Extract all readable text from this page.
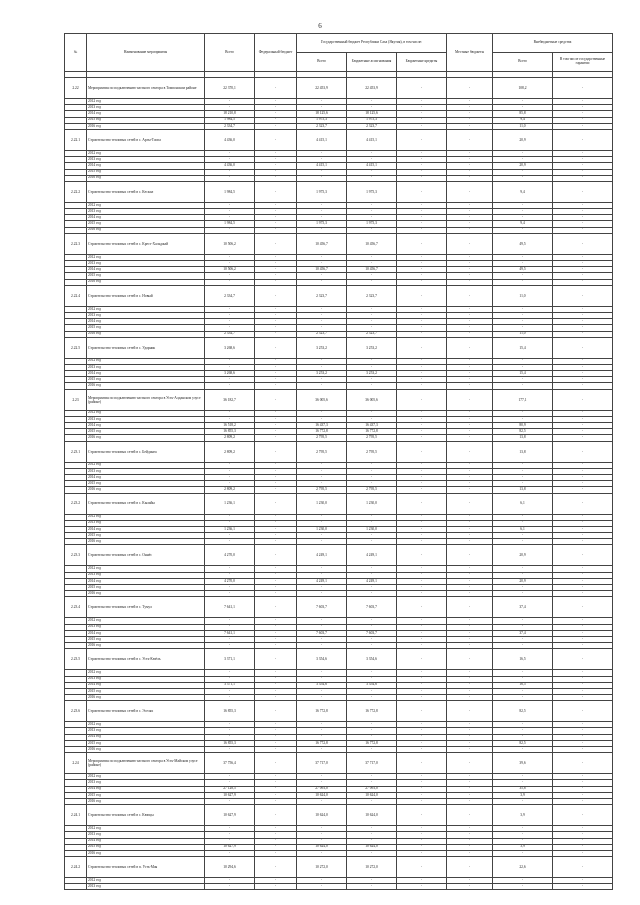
6
№	Наименование мероприятия	Всего	Федеральный бюджет	Государственный бюджет Республики Саха (Якутия), в том числе:			Местные бюджеты	Внебюджетные средства	
				Всего	Бюджетные ассигнования	Бюджетные кредиты		Всего	В том числе государственные гарантии

2.22	Мероприятия по подключению частного сектора в Томпонском районе	22 370,1	-	22 453,9	22 453,9	-	-	108,2	-
	2012 год	-	-	-	-	-	-	-	-
	2013 год	-	-	-	-	-	-	-	-
	2014 год	18 210,8	-	18 125,6	18 125,6	-	-	85,8	-
	2015 год	1 984,5	-	1 975,3	1 975,3	-	-	9,4	-
	2016 год	2 334,7	-	2 323,7	2 323,7	-	-	11,0	-
2.22.1	Строительство тепловых сетей в с. Аргы-Тоопа	4 436,0	-	4 415,1	4 415,1	-	-	20,9	-
	2012 год	-	-	-	-	-	-	-	-
	2013 год	-	-	-	-	-	-	-	-
	2014 год	4 436,0	-	4 415,1	4 415,1	-	-	20,9	-
	2015 год	-	-	-	-	-	-	-	-
	2016 год	-	-	-	-	-	-	-	-
2.22.2	Строительство тепловых сетей в с. Кескил	1 984,5	-	1 975,3	1 975,3	-	-	9,4	-
	2012 год	-	-	-	-	-	-	-	-
	2013 год	-	-	-	-	-	-	-	-
	2014 год	-	-	-	-	-	-	-	-
	2015 год	1 984,5	-	1 975,3	1 975,3	-	-	9,4	-
	2016 год	-	-	-	-	-	-	-	-
2.22.3	Строительство тепловых сетей в с. Крест-Хальджай	10 506,2	-	10 456,7	10 456,7	-	-	49,5	-
	2012 год	-	-	-	-	-	-	-	-
	2013 год	-	-	-	-	-	-	-	-
	2014 год	10 506,2	-	10 456,7	10 456,7	-	-	49,5	-
	2015 год	-	-	-	-	-	-	-	-
	2016 год	-	-	-	-	-	-	-	-
2.22.4	Строительство тепловых сетей в с. Новый	2 334,7	-	2 323,7	2 323,7	-	-	11,0	-
	2012 год	-	-	-	-	-	-	-	-
	2013 год	-	-	-	-	-	-	-	-
	2014 год	-	-	-	-	-	-	-	-
	2015 год	-	-	-	-	-	-	-	-
	2016 год	2 334,7	-	2 323,7	2 323,7	-	-	11,0	-
2.22.5	Строительство тепловых сетей в с. Ударник	3 268,6	-	3 253,2	3 253,2	-	-	15,4	-
	2012 год	-	-	-	-	-	-	-	-
	2013 год	-	-	-	-	-	-	-	-
	2014 год	3 268,6	-	3 253,2	3 253,2	-	-	15,4	-
	2015 год	-	-	-	-	-	-	-	-
	2016 год	-	-	-	-	-	-	-	-
2.23	Мероприятия по подключению частного сектора в Усть-Алданском улусе (районе)	36 182,7	-	36 005,6	36 005,6	-	-	177,1	-
	2012 год	-	-	-	-	-	-	-	-
	2013 год	-	-	-	-	-	-	-	-
	2014 год	16 518,2	-	16 437,3	16 437,3	-	-	80,9	-
	2015 год	16 855,3	-	16 772,8	16 772,8	-	-	82,5	-
	2016 год	2 809,2	-	2 795,5	2 795,5	-	-	13,8	-
2.23.1	Строительство тепловых сетей в с. Бейдинга	2 809,2	-	2 795,5	2 795,5	-	-	13,8	-
	2012 год	-	-	-	-	-	-	-	-
	2013 год	-	-	-	-	-	-	-	-
	2014 год	-	-	-	-	-	-	-	-
	2015 год	-	-	-	-	-	-	-	-
	2016 год	2 809,2	-	2 795,5	2 795,5	-	-	13,8	-
2.23.2	Строительство тепловых сетей в с. Кылайы	1 236,1	-	1 230,0	1 230,0	-	-	6,1	-
	2012 год	-	-	-	-	-	-	-	-
	2013 год	-	-	-	-	-	-	-	-
	2014 год	1 236,1	-	1 230,0	1 230,0	-	-	6,1	-
	2015 год	-	-	-	-	-	-	-	-
	2016 год	-	-	-	-	-	-	-	-
2.23.3	Строительство тепловых сетей в с. Оннёс	4 270,0	-	4 249,1	4 249,1	-	-	20,9	-
	2012 год	-	-	-	-	-	-	-	-
	2013 год	-	-	-	-	-	-	-	-
	2014 год	4 270,0	-	4 249,1	4 249,1	-	-	20,9	-
	2015 год	-	-	-	-	-	-	-	-
	2016 год	-	-	-	-	-	-	-	-
2.23.4	Строительство тепловых сетей в с. Тумул	7 641,1	-	7 603,7	7 603,7	-	-	37,4	-
	2012 год	-	-	-	-	-	-	-	-
	2013 год	-	-	-	-	-	-	-	-
	2014 год	7 641,1	-	7 603,7	7 603,7	-	-	37,4	-
	2015 год	-	-	-	-	-	-	-	-
	2016 год	-	-	-	-	-	-	-	-
2.23.5	Строительство тепловых сетей в с. Усть-Кюёль	3 371,1	-	3 354,6	3 354,6	-	-	16,5	-
	2012 год	-	-	-	-	-	-	-	-
	2013 год	-	-	-	-	-	-	-	-
	2014 год	3 371,1	-	3 354,6	3 354,6	-	-	16,5	-
	2015 год	-	-	-	-	-	-	-	-
	2016 год	-	-	-	-	-	-	-	-
2.23.6	Строительство тепловых сетей в с. Эселях	16 855,3	-	16 772,8	16 772,8	-	-	82,5	-
	2012 год	-	-	-	-	-	-	-	-
	2013 год	-	-	-	-	-	-	-	-
	2014 год	-	-	-	-	-	-	-	-
	2015 год	16 855,3	-	16 772,8	16 772,8	-	-	82,5	-
	2016 год	-	-	-	-	-	-	-	-
2.24	Мероприятия по подключению частного сектора в Усть-Майском улусе (районе)	37 756,4	-	37 717,0	37 717,0	-	-	39,6	-
	2012 год	-	-	-	-	-	-	-	-
	2013 год	-	-	-	-	-	-	-	-
	2014 год	27 128,5	-	27 093,0	27 093,0	-	-	35,8	-
	2015 год	10 627,9	-	10 624,0	10 624,0	-	-	3,9	-
	2016 год	-	-	-	-	-	-	-	-
2.24.1	Строительство тепловых сетей в с. Кюпцы	10 627,9	-	10 624,0	10 624,0	-	-	3,9	-
	2012 год	-	-	-	-	-	-	-	-
	2013 год	-	-	-	-	-	-	-	-
	2014 год	-	-	-	-	-	-	-	-
	2015 год	10 627,9	-	10 624,0	10 624,0	-	-	3,9	-
	2016 год	-	-	-	-	-	-	-	-
2.24.2	Строительство тепловых сетей в п. Усть-Мая	10 294,6	-	10 272,0	10 272,0	-	-	22,6	-
	2012 год	-	-	-	-	-	-	-	-
	2013 год	-	-	-	-	-	-	-	-
